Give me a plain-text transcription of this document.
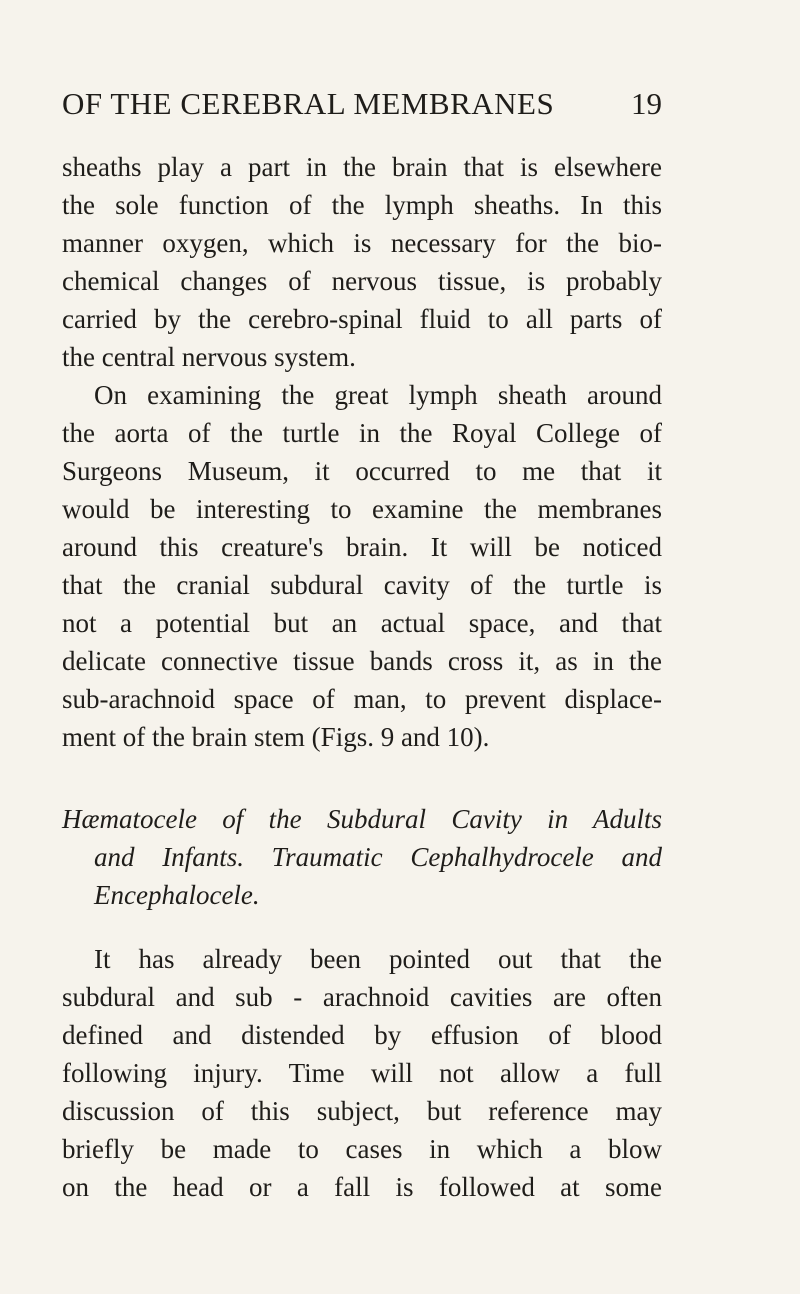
OF THE CEREBRAL MEMBRANES	19
sheaths play a part in the brain that is elsewhere
the sole function of the lymph sheaths. In this
manner oxygen, which is necessary for the bio-
chemical changes of nervous tissue, is probably
carried by the cerebro-spinal fluid to all parts of
the central nervous system.
On examining the great lymph sheath around
the aorta of the turtle in the Royal College of
Surgeons Museum, it occurred to me that it
would be interesting to examine the membranes
around this creature's brain. It will be noticed
that the cranial subdural cavity of the turtle is
not a potential but an actual space, and that
delicate connective tissue bands cross it, as in the
sub-arachnoid space of man, to prevent displace-
ment of the brain stem (Figs. 9 and 10).
Hæmatocele of the Subdural Cavity in Adults
and Infants. Traumatic Cephalhydrocele and
Encephalocele.
It has already been pointed out that the
subdural and sub - arachnoid cavities are often
defined and distended by effusion of blood
following injury. Time will not allow a full
discussion of this subject, but reference may
briefly be made to cases in which a blow
on the head or a fall is followed at some
